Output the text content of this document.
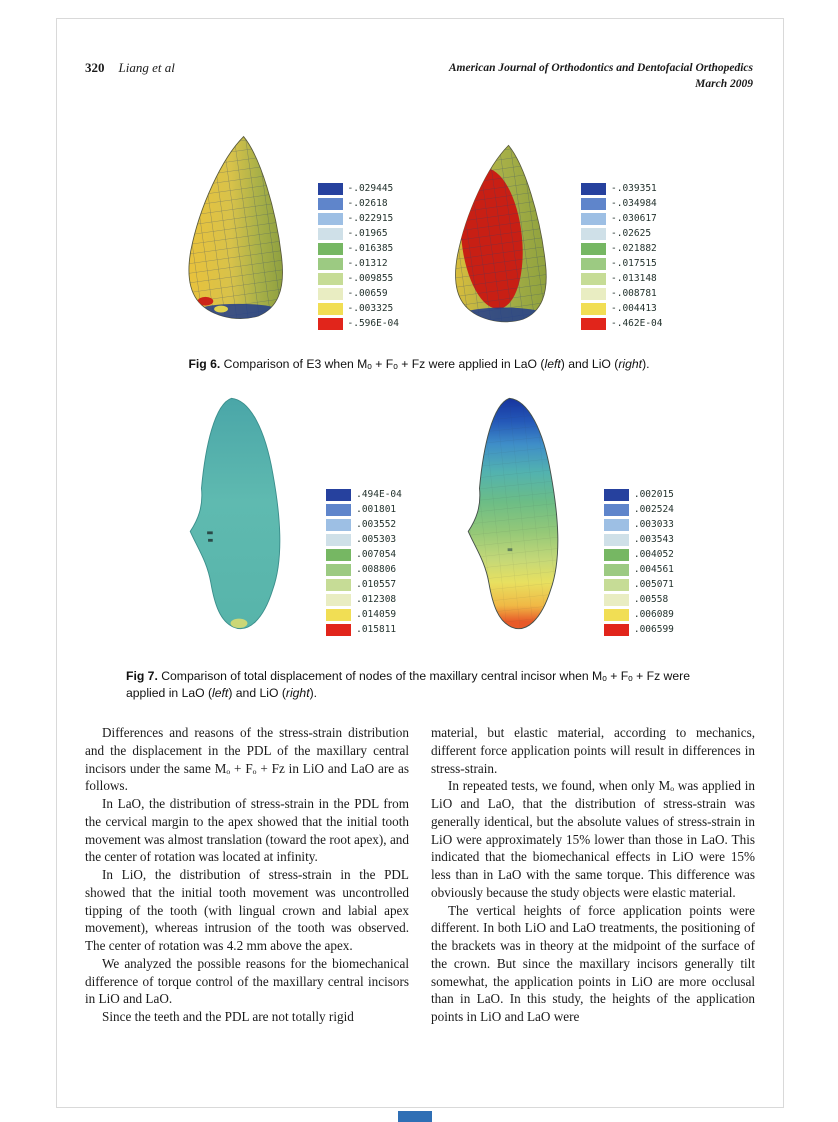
320 Liang et al	American Journal of Orthodontics and Dentofacial Orthopedics
March 2009
-.029445
-.02618
-.022915
-.01965
-.016385
-.01312
-.009855
-.00659
-.003325
-.596E-04
-.039351
-.034984
-.030617
-.02625
-.021882
-.017515
-.013148
-.008781
-.004413
-.462E-04

Fig 6. Comparison of E3 when Mₒ + Fₒ + Fᴢ were applied in LaO (left) and LiO (right).

.494E-04
.001801
.003552
.005303
.007054
.008806
.010557
.012308
.014059
.015811
.002015
.002524
.003033
.003543
.004052
.004561
.005071
.00558
.006089
.006599

Fig 7. Comparison of total displacement of nodes of the maxillary central incisor when Mₒ + Fₒ + Fᴢ were applied in LaO (left) and LiO (right).

Differences and reasons of the stress-strain distribution and the displacement in the PDL of the maxillary central incisors under the same Mₒ + Fₒ + Fᴢ in LiO and LaO are as follows.

In LaO, the distribution of stress-strain in the PDL from the cervical margin to the apex showed that the initial tooth movement was almost translation (toward the root apex), and the center of rotation was located at infinity.

In LiO, the distribution of stress-strain in the PDL showed that the initial tooth movement was uncontrolled tipping of the tooth (with lingual crown and labial apex movement), whereas intrusion of the tooth was observed. The center of rotation was 4.2 mm above the apex.

We analyzed the possible reasons for the biomechanical difference of torque control of the maxillary central incisors in LiO and LaO.

Since the teeth and the PDL are not totally rigid

material, but elastic material, according to mechanics, different force application points will result in differences in stress-strain.

In repeated tests, we found, when only Mₒ was applied in LiO and LaO, that the distribution of stress-strain was generally identical, but the absolute values of stress-strain in LiO were approximately 15% lower than those in LaO. This indicated that the biomechanical effects in LiO were 15% less than in LaO with the same torque. This difference was obviously because the study objects were elastic material.

The vertical heights of force application points were different. In both LiO and LaO treatments, the positioning of the brackets was in theory at the midpoint of the surface of the crown. But since the maxillary incisors generally tilt somewhat, the application points in LiO are more occlusal than in LaO. In this study, the heights of the application points in LiO and LaO were
